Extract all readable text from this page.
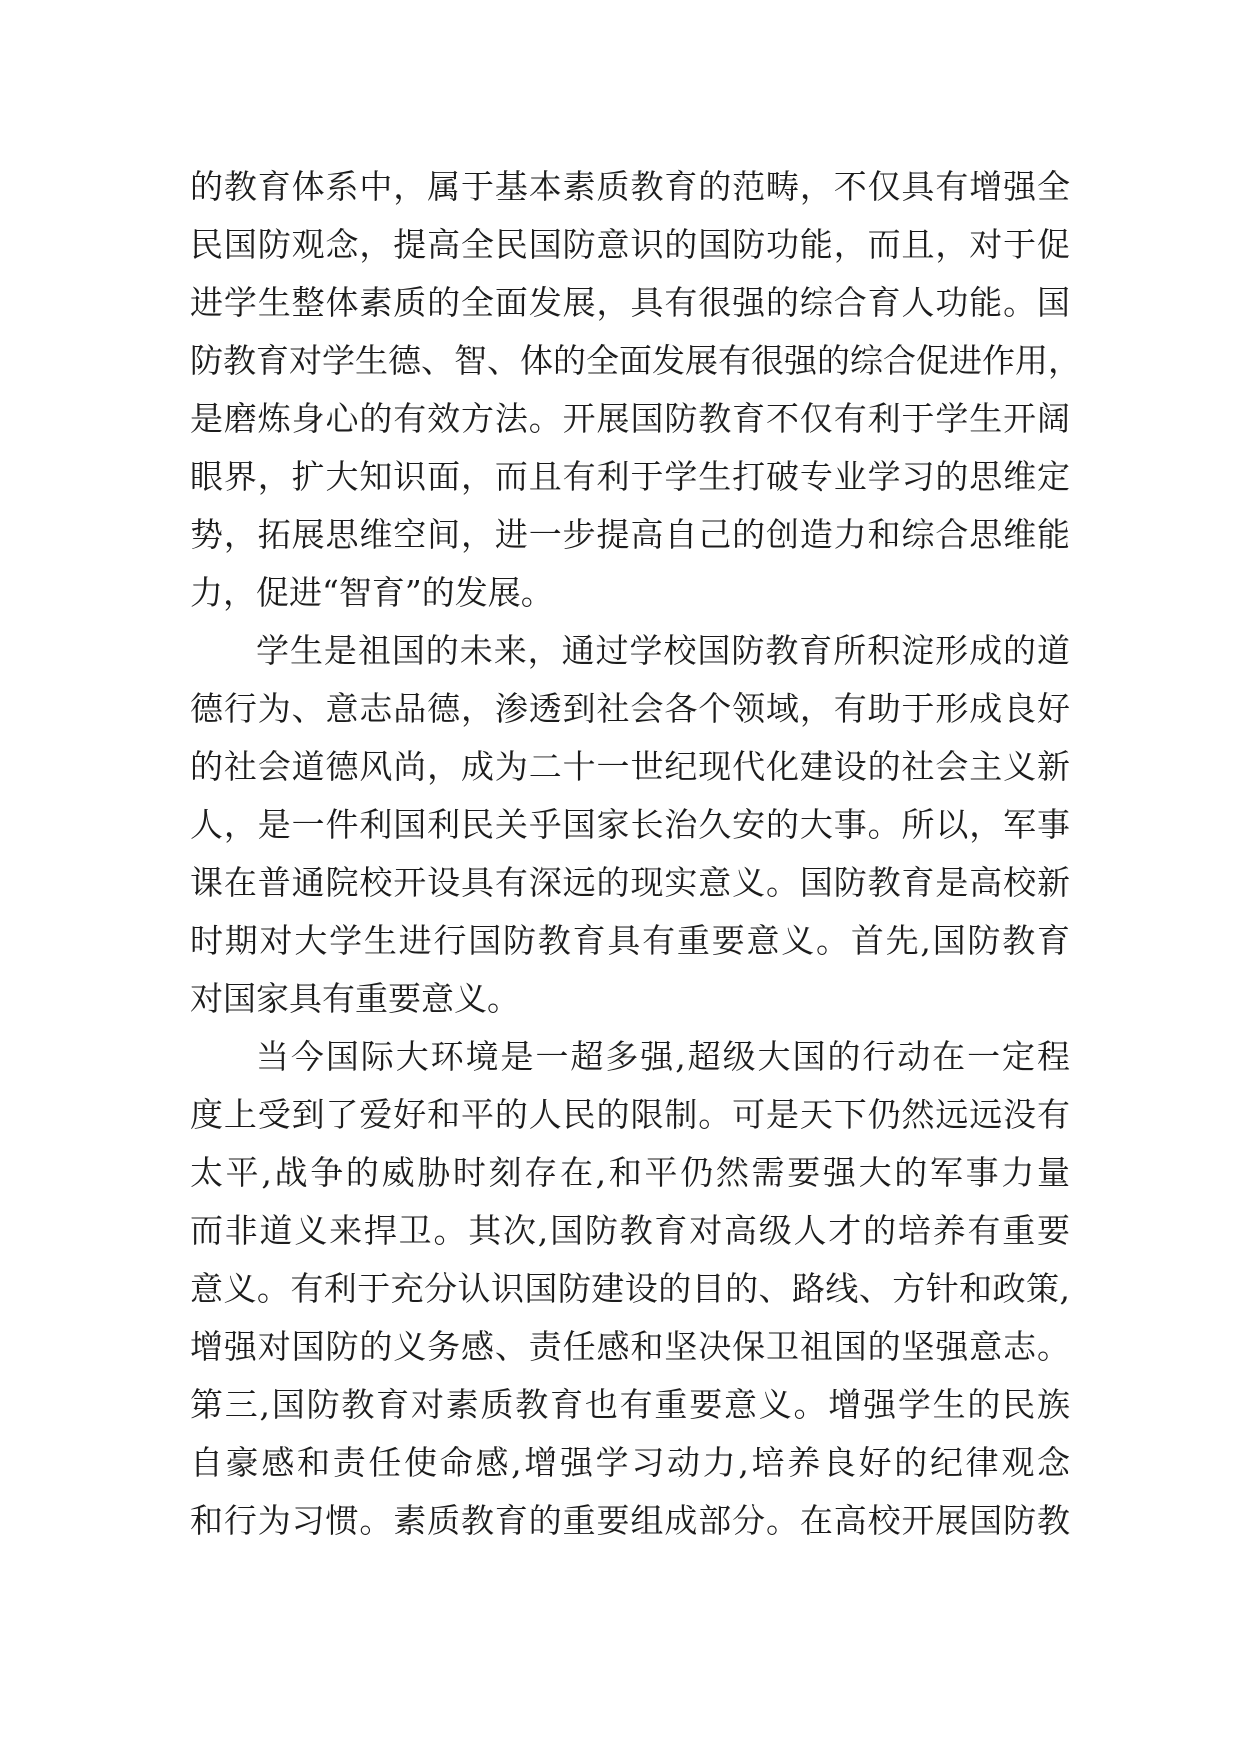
的教育体系中，属于基本素质教育的范畴，不仅具有增强全
民国防观念，提高全民国防意识的国防功能，而且，对于促
进学生整体素质的全面发展，具有很强的综合育人功能。国
防教育对学生德、智、体的全面发展有很强的综合促进作用，
是磨炼身心的有效方法。开展国防教育不仅有利于学生开阔
眼界，扩大知识面，而且有利于学生打破专业学习的思维定
势，拓展思维空间，进一步提高自己的创造力和综合思维能
力，促进“智育”的发展。
学生是祖国的未来，通过学校国防教育所积淀形成的道
德行为、意志品德，渗透到社会各个领域，有助于形成良好
的社会道德风尚，成为二十一世纪现代化建设的社会主义新
人，是一件利国利民关乎国家长治久安的大事。所以，军事
课在普通院校开设具有深远的现实意义。国防教育是高校新
时期对大学生进行国防教育具有重要意义。首先,国防教育
对国家具有重要意义。
当今国际大环境是一超多强,超级大国的行动在一定程
度上受到了爱好和平的人民的限制。可是天下仍然远远没有
太平,战争的威胁时刻存在,和平仍然需要强大的军事力量
而非道义来捍卫。其次,国防教育对高级人才的培养有重要
意义。有利于充分认识国防建设的目的、路线、方针和政策,
增强对国防的义务感、责任感和坚决保卫祖国的坚强意志。
第三,国防教育对素质教育也有重要意义。增强学生的民族
自豪感和责任使命感,增强学习动力,培养良好的纪律观念
和行为习惯。素质教育的重要组成部分。在高校开展国防教
